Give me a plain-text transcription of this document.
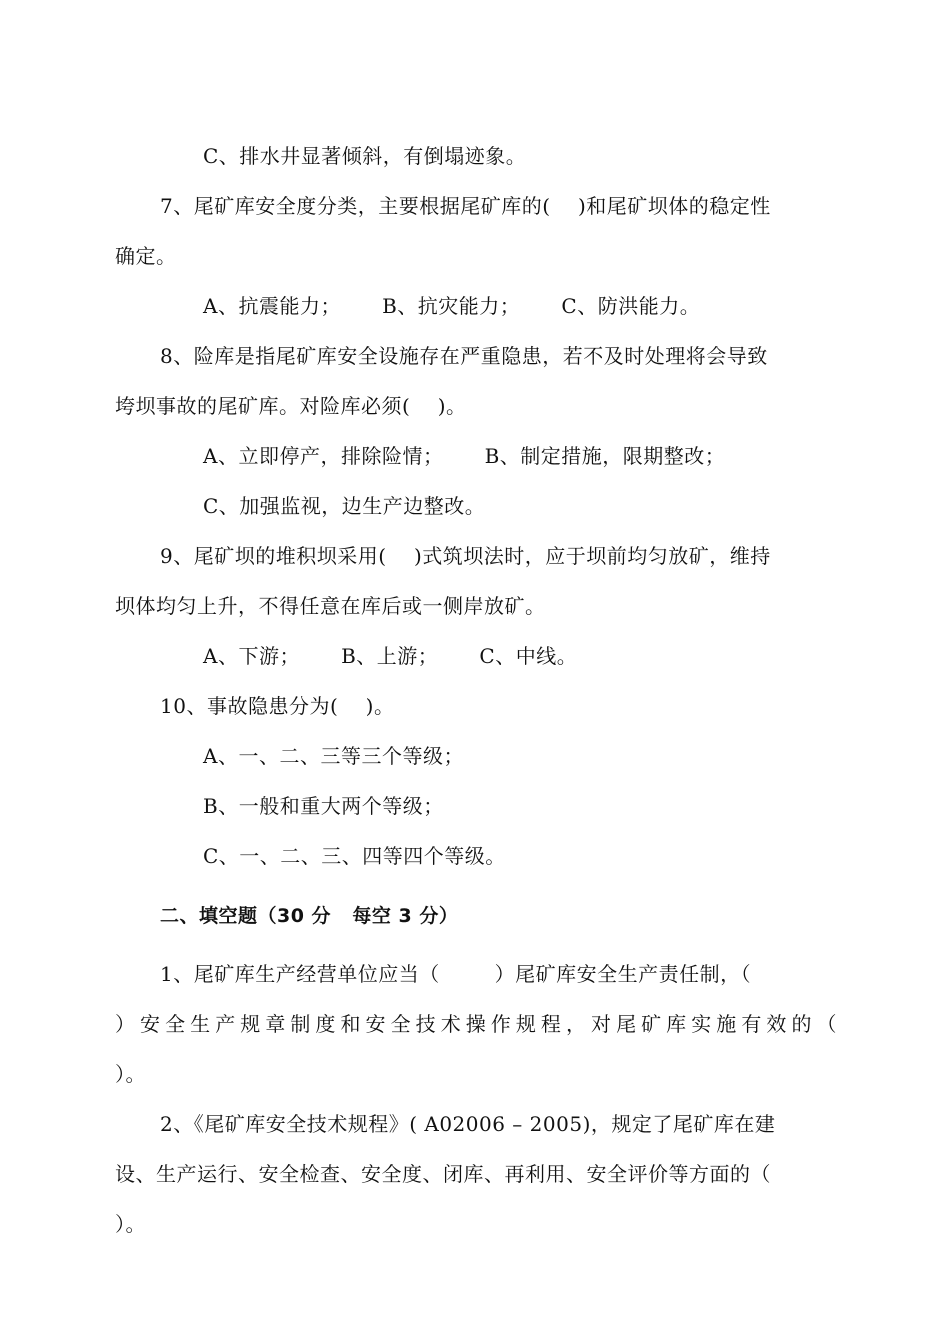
C、排水井显著倾斜，有倒塌迹象。
7、尾矿库安全度分类，主要根据尾矿库的(    )和尾矿坝体的稳定性
确定。
A、抗震能力；      B、抗灾能力；      C、防洪能力。
8、险库是指尾矿库安全设施存在严重隐患，若不及时处理将会导致
垮坝事故的尾矿库。对险库必须(    )。
A、立即停产，排除险情；      B、制定措施，限期整改；
C、加强监视，边生产边整改。
9、尾矿坝的堆积坝采用(    )式筑坝法时，应于坝前均匀放矿，维持
坝体均匀上升，不得任意在库后或一侧岸放矿。
A、下游；      B、上游；      C、中线。
10、事故隐患分为(    )。
A、一、二、三等三个等级；
B、一般和重大两个等级；
C、一、二、三、四等四个等级。
二、填空题（30 分   每空 3 分）
1、尾矿库生产经营单位应当（        ）尾矿库安全生产责任制，（
）安全生产规章制度和安全技术操作规程，对尾矿库实施有效的（
）。
2、《尾矿库安全技术规程》( A02006 – 2005)，规定了尾矿库在建
设、生产运行、安全检查、安全度、闭库、再利用、安全评价等方面的（
）。
